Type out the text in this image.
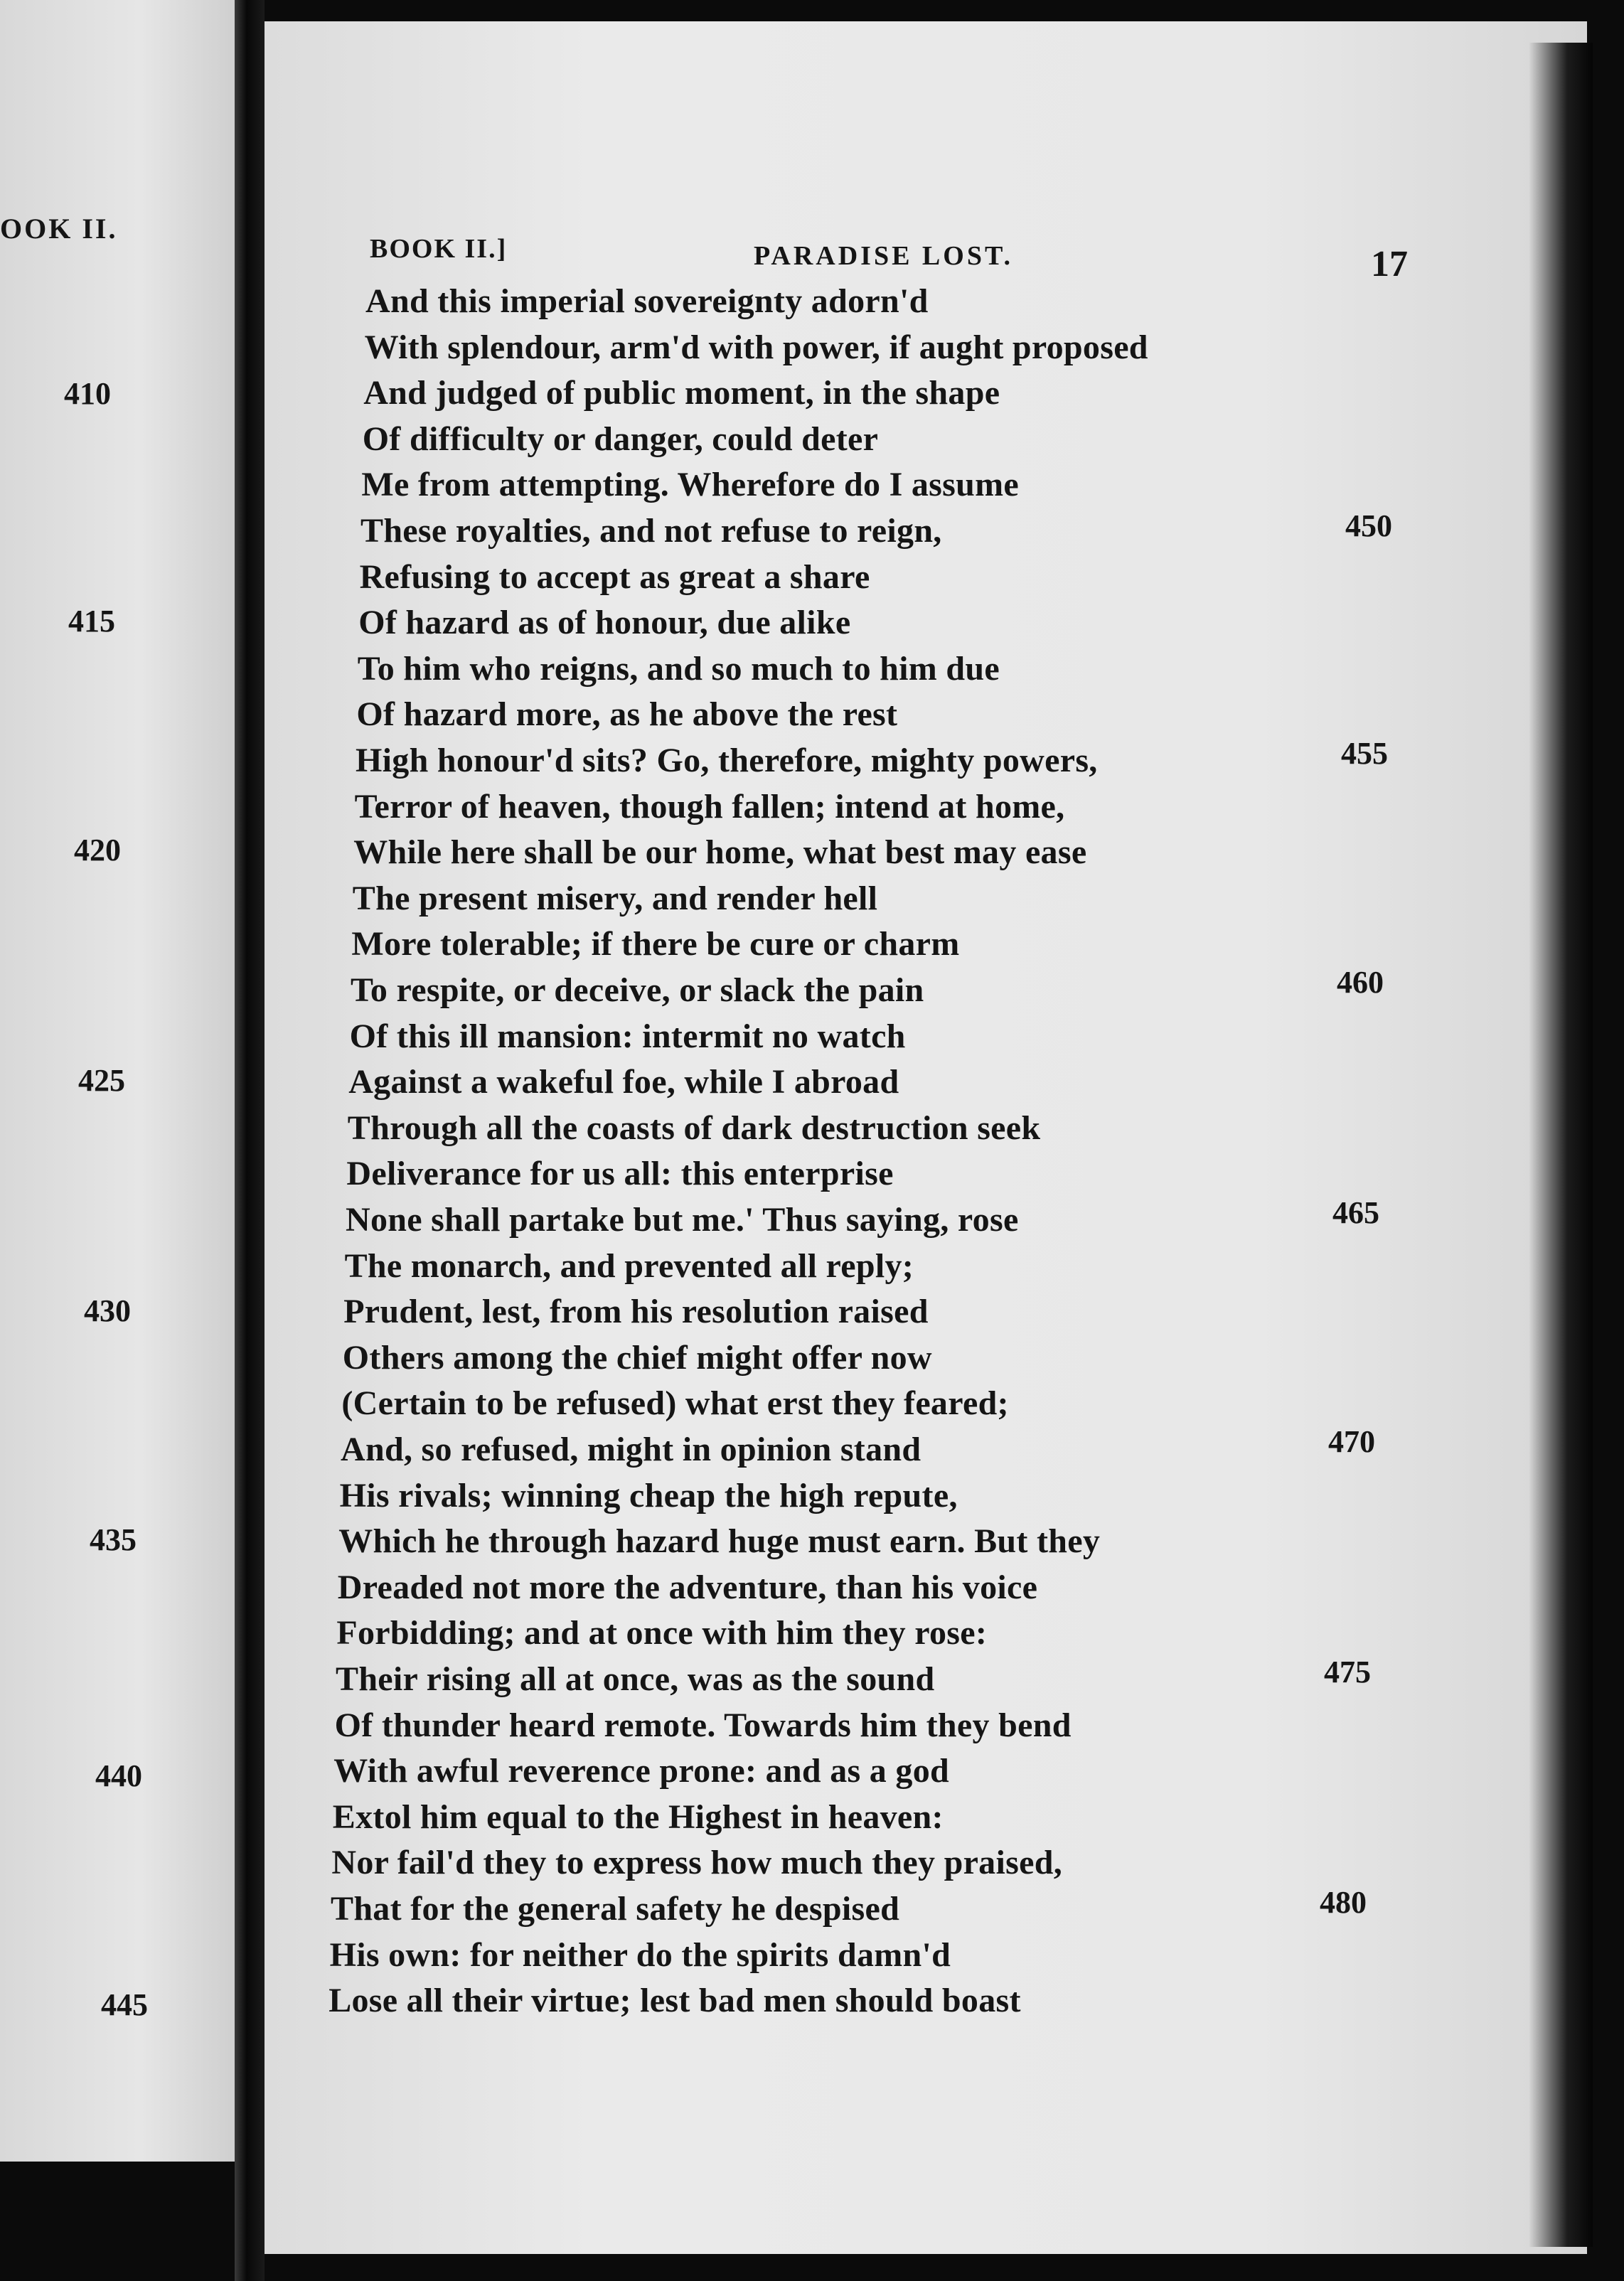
OOK II.
410
415
420
425
430
435
440
445
BOOK II.]	PARADISE LOST.	17
And this imperial sovereignty adorn'd
With splendour, arm'd with power, if aught proposed
And judged of public moment, in the shape
Of difficulty or danger, could deter
Me from attempting. Wherefore do I assume
These royalties, and not refuse to reign,
Refusing to accept as great a share
Of hazard as of honour, due alike
To him who reigns, and so much to him due
Of hazard more, as he above the rest
High honour'd sits? Go, therefore, mighty powers,
Terror of heaven, though fallen; intend at home,
While here shall be our home, what best may ease
The present misery, and render hell
More tolerable; if there be cure or charm
To respite, or deceive, or slack the pain
Of this ill mansion: intermit no watch
Against a wakeful foe, while I abroad
Through all the coasts of dark destruction seek
Deliverance for us all: this enterprise
None shall partake but me.' Thus saying, rose
The monarch, and prevented all reply;
Prudent, lest, from his resolution raised
Others among the chief might offer now
(Certain to be refused) what erst they feared;
And, so refused, might in opinion stand
His rivals; winning cheap the high repute,
Which he through hazard huge must earn. But they
Dreaded not more the adventure, than his voice
Forbidding; and at once with him they rose:
Their rising all at once, was as the sound
Of thunder heard remote. Towards him they bend
With awful reverence prone: and as a god
Extol him equal to the Highest in heaven:
Nor fail'd they to express how much they praised,
That for the general safety he despised
His own: for neither do the spirits damn'd
Lose all their virtue; lest bad men should boast
450
455
460
465
470
475
480
